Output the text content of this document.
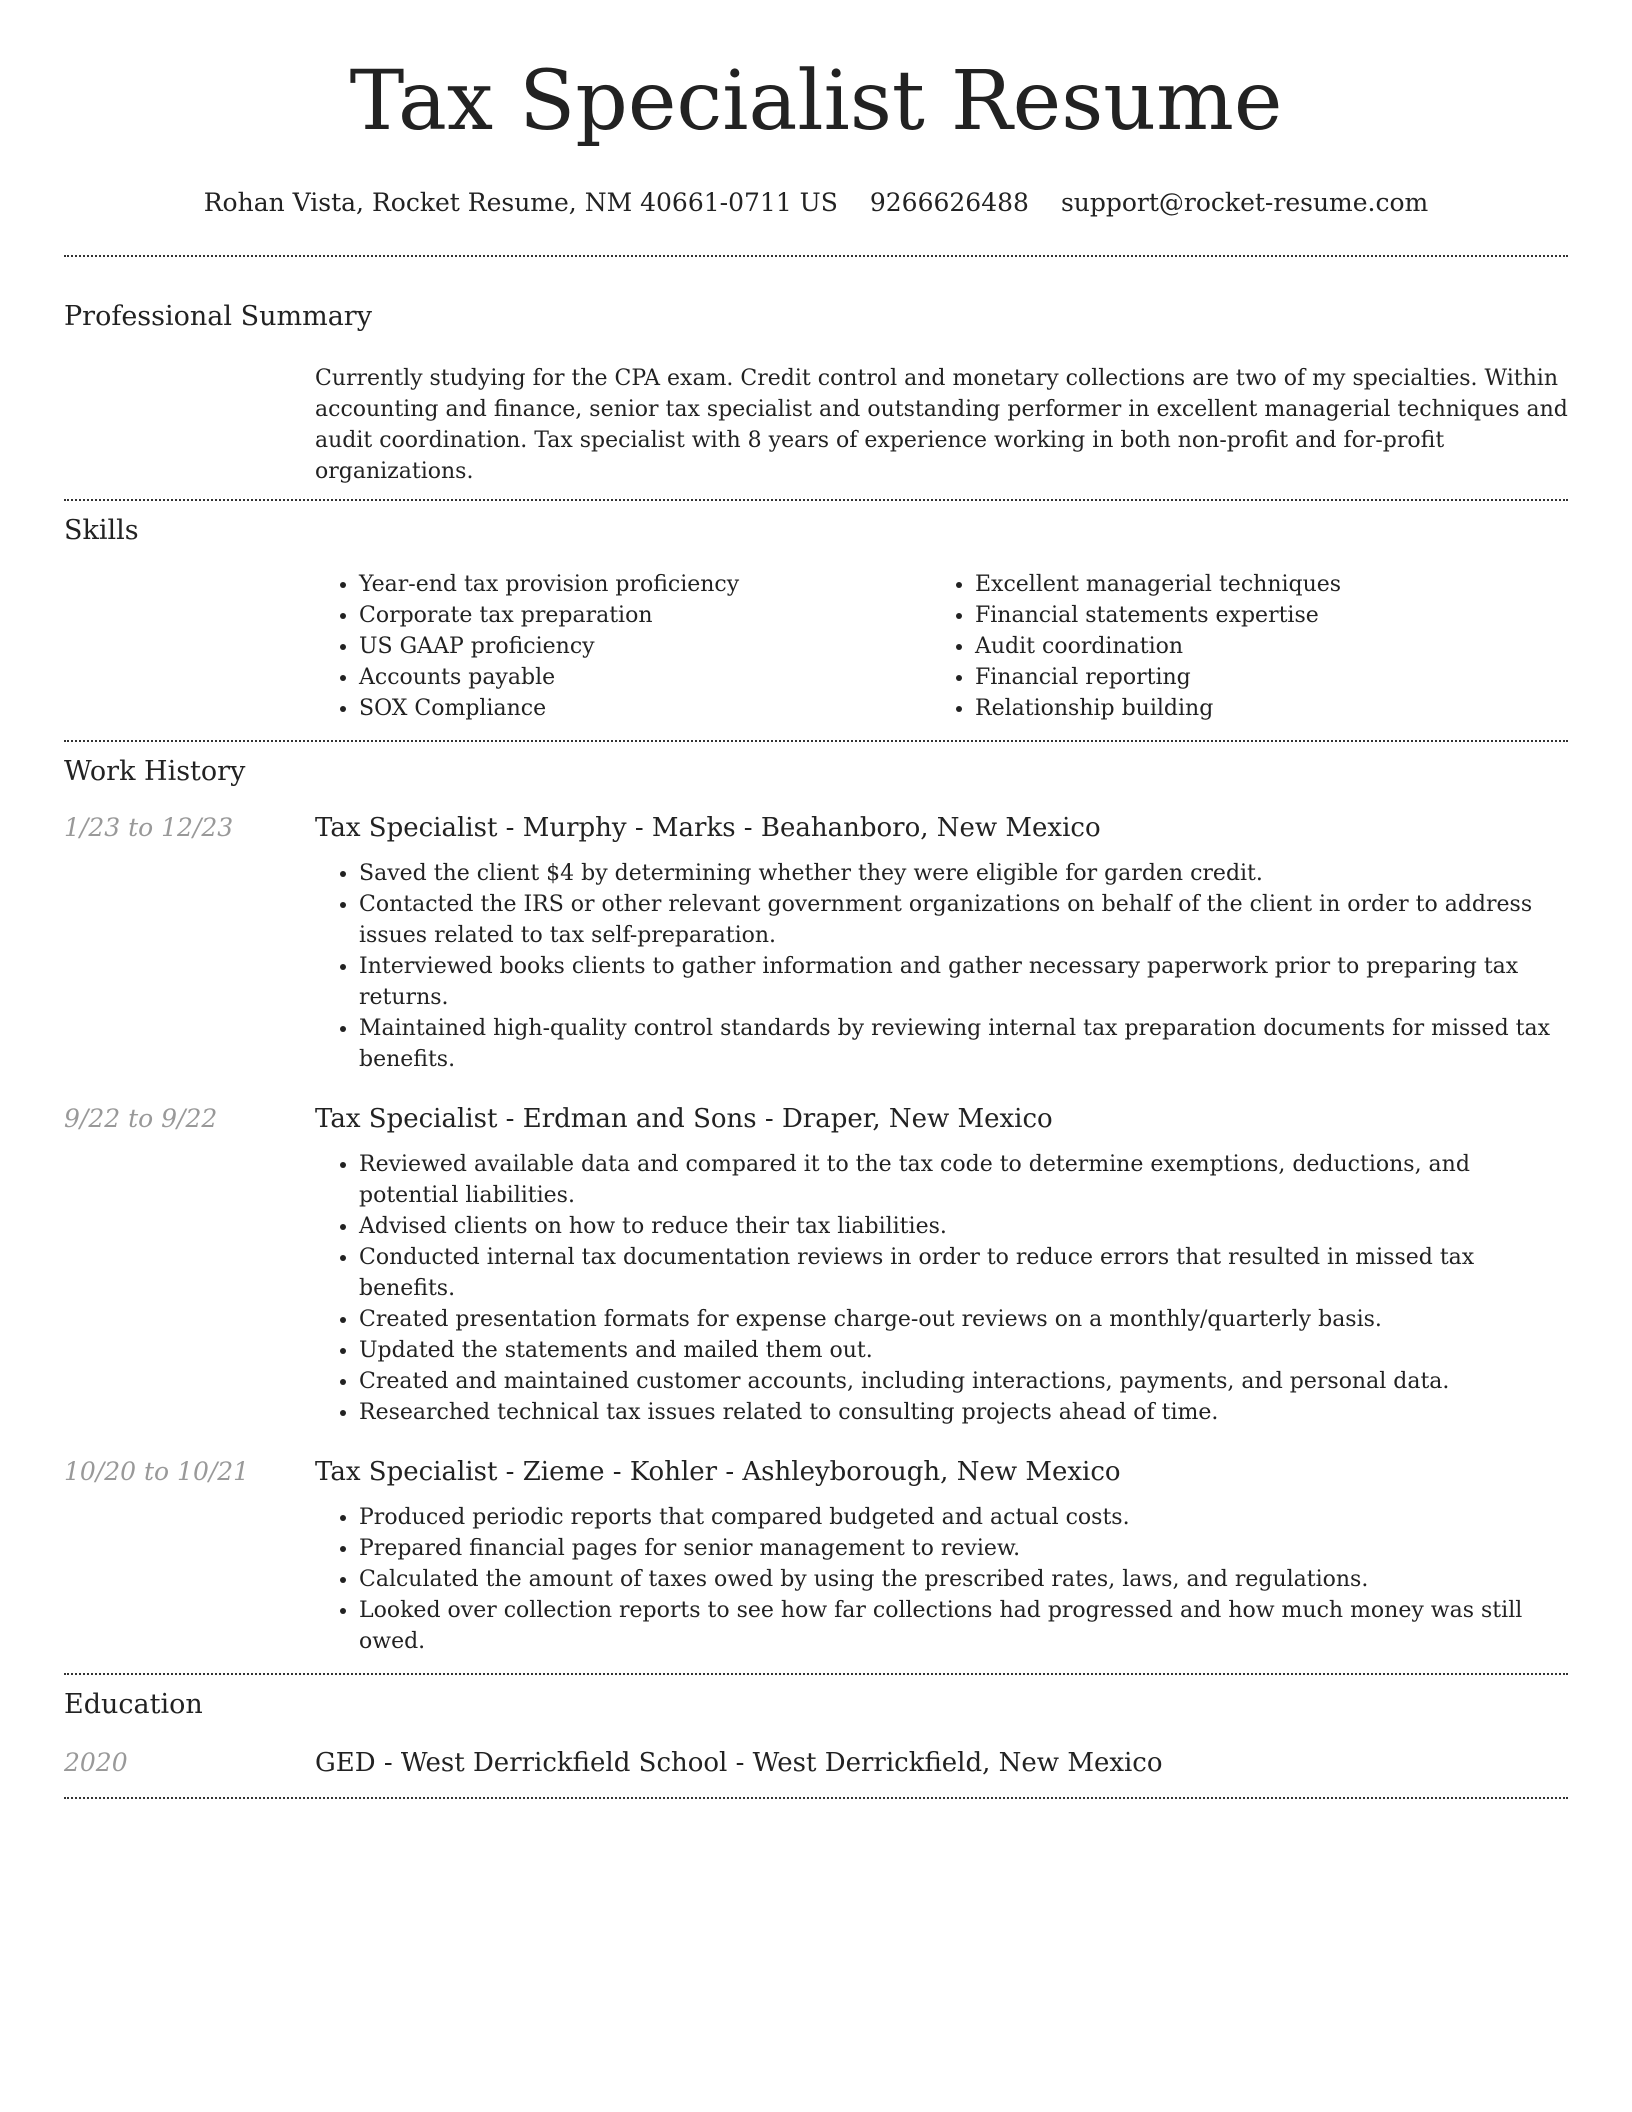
Tax Specialist Resume
Rohan Vista, Rocket Resume, NM 40661-0711 US 9266626488 support@rocket-resume.com
Professional Summary

Currently studying for the CPA exam. Credit control and monetary collections are two of my specialties. Within accounting and finance, senior tax specialist and outstanding performer in excellent managerial techniques and audit coordination. Tax specialist with 8 years of experience working in both non-profit and for-profit organizations.

Skills
• Year-end tax provision proficiency
• Corporate tax preparation
• US GAAP proficiency
• Accounts payable
• SOX Compliance
• Excellent managerial techniques
• Financial statements expertise
• Audit coordination
• Financial reporting
• Relationship building
Work History
1/23 to 12/23	Tax Specialist - Murphy - Marks - Beahanboro, New Mexico
• Saved the client $4 by determining whether they were eligible for garden credit.
• Contacted the IRS or other relevant government organizations on behalf of the client in order to address issues related to tax self-preparation.
• Interviewed books clients to gather information and gather necessary paperwork prior to preparing tax returns.
• Maintained high-quality control standards by reviewing internal tax preparation documents for missed tax benefits.
9/22 to 9/22	Tax Specialist - Erdman and Sons - Draper, New Mexico
• Reviewed available data and compared it to the tax code to determine exemptions, deductions, and potential liabilities.
• Advised clients on how to reduce their tax liabilities.
• Conducted internal tax documentation reviews in order to reduce errors that resulted in missed tax benefits.
• Created presentation formats for expense charge-out reviews on a monthly/quarterly basis.
• Updated the statements and mailed them out.
• Created and maintained customer accounts, including interactions, payments, and personal data.
• Researched technical tax issues related to consulting projects ahead of time.
10/20 to 10/21	Tax Specialist - Zieme - Kohler - Ashleyborough, New Mexico
• Produced periodic reports that compared budgeted and actual costs.
• Prepared financial pages for senior management to review.
• Calculated the amount of taxes owed by using the prescribed rates, laws, and regulations.
• Looked over collection reports to see how far collections had progressed and how much money was still owed.
Education
2020	GED - West Derrickfield School - West Derrickfield, New Mexico
